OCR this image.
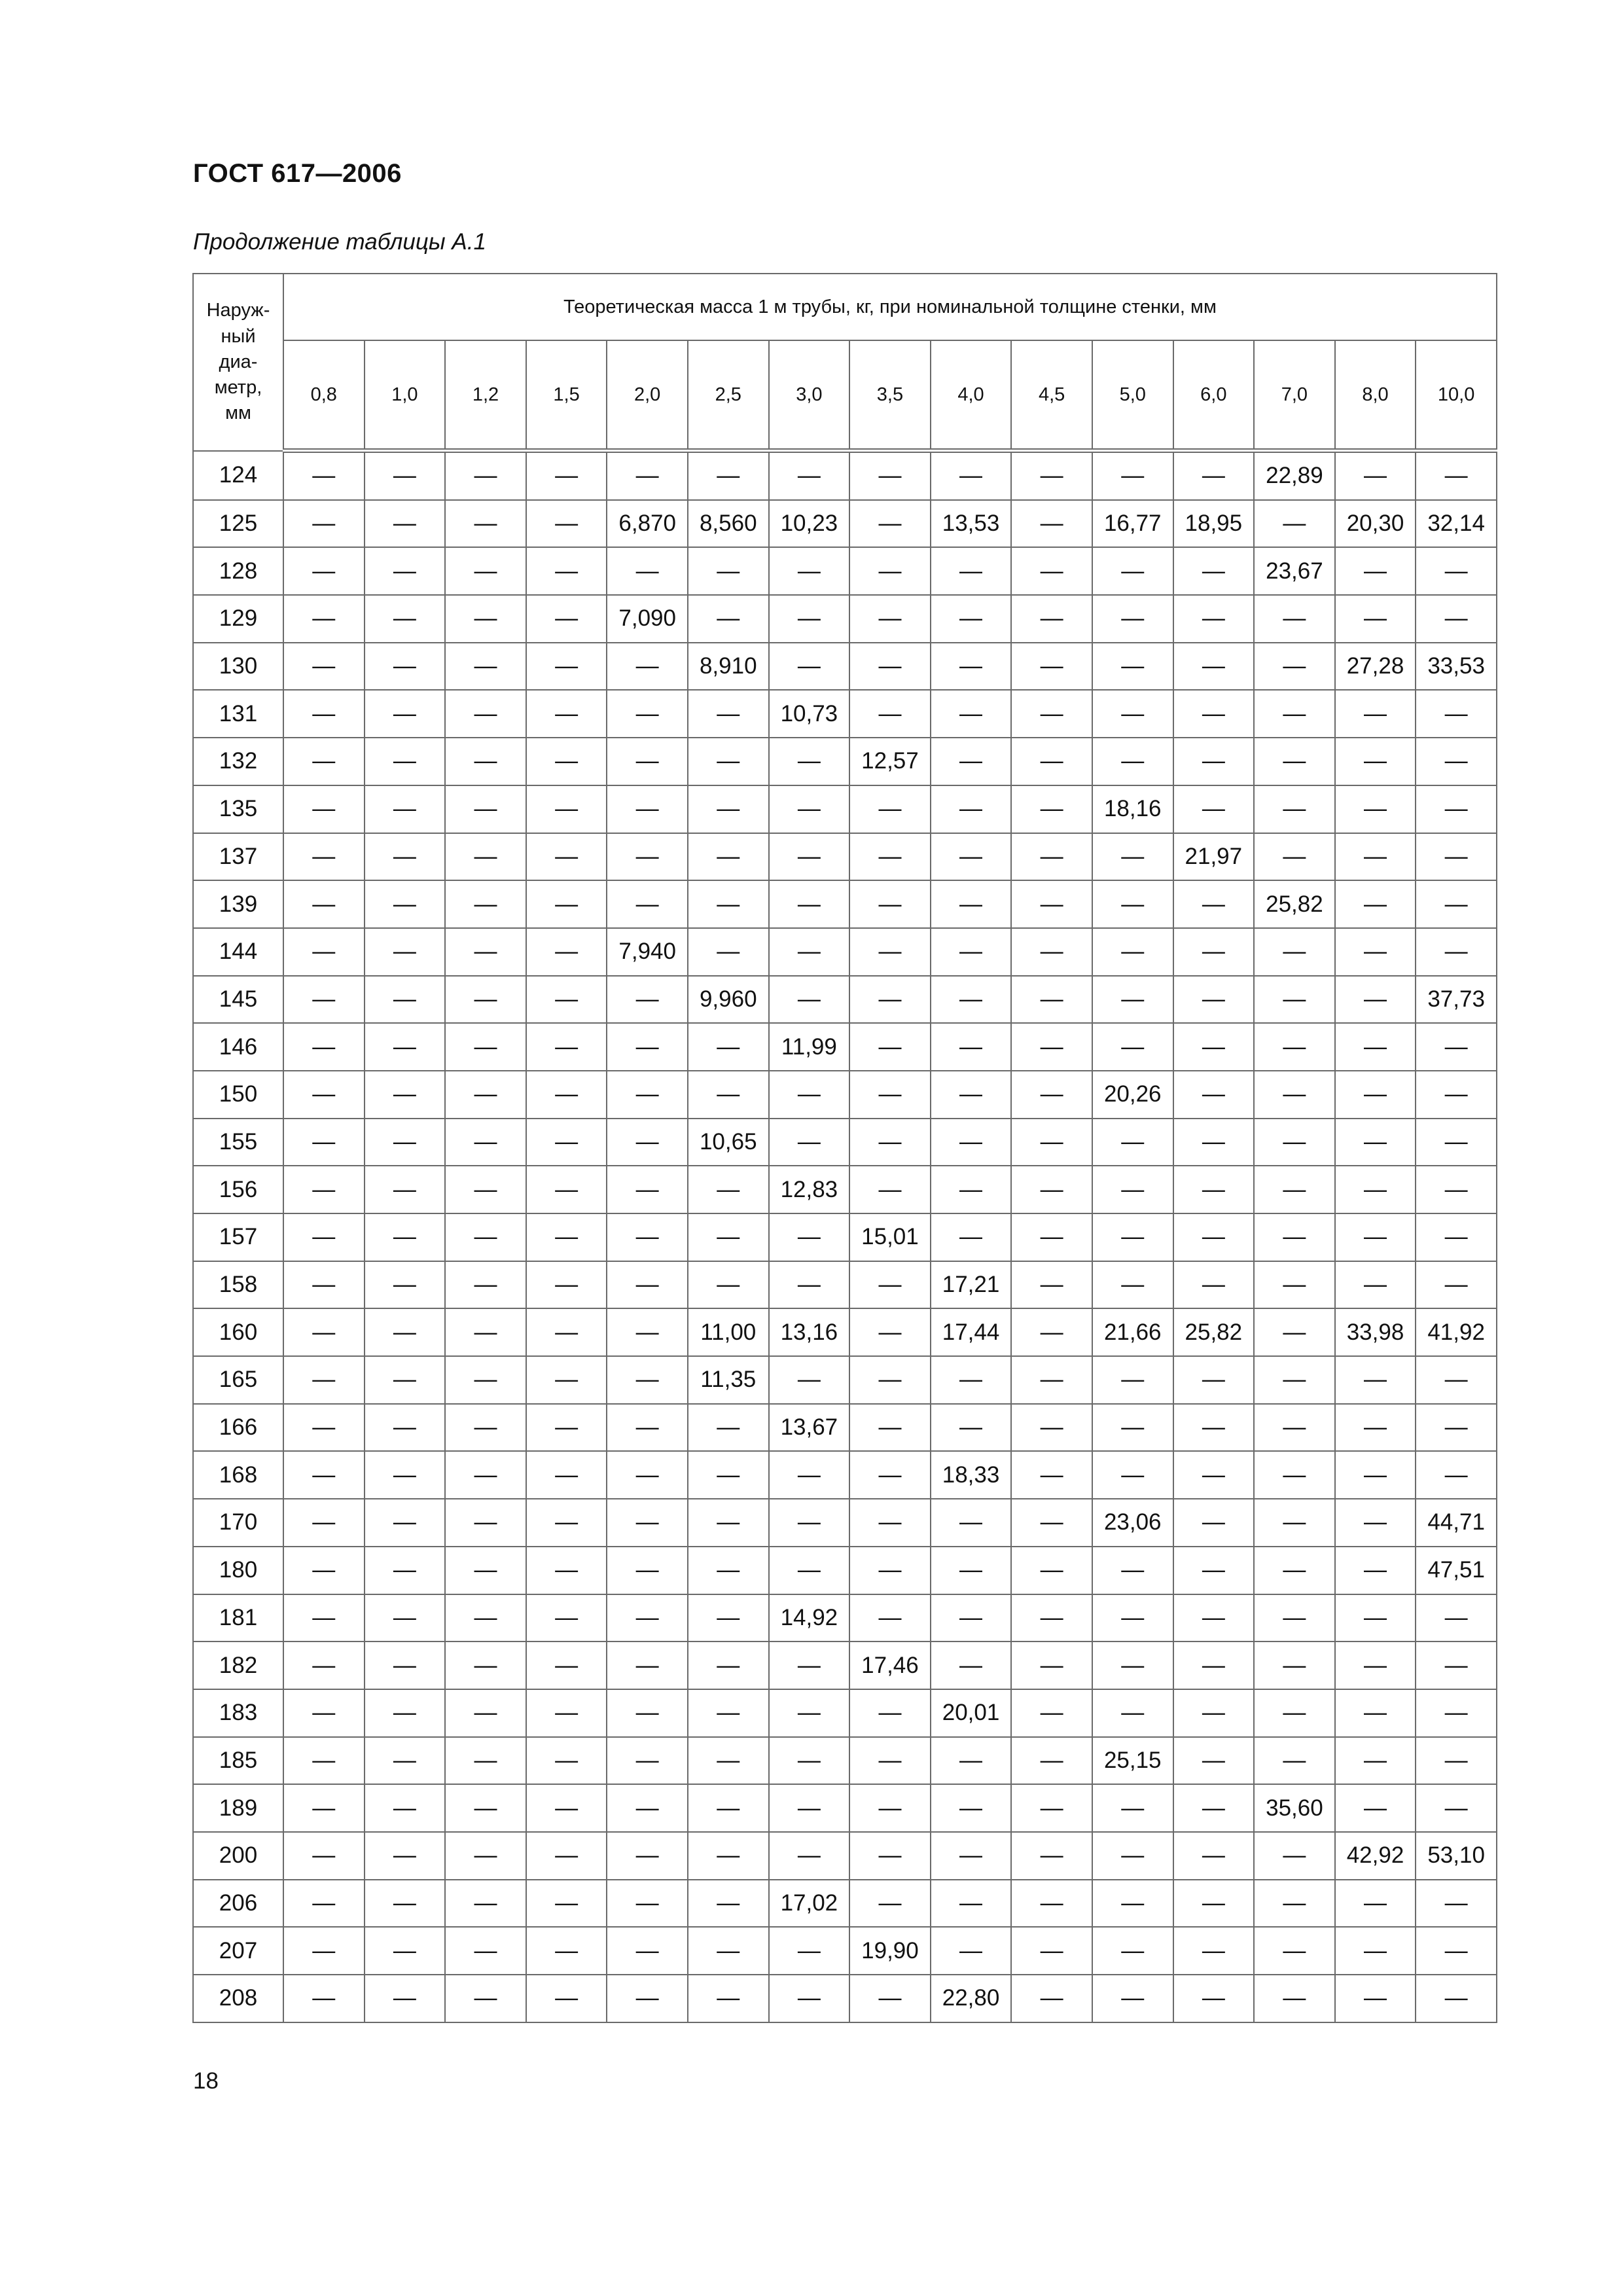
ГОСТ 617—2006
Продолжение таблицы А.1
Наруж-
ный
диа-
метр,
мм	Теоретическая масса 1 м трубы, кг, при номинальной толщине стенки, мм														
	0,8	1,0	1,2	1,5	2,0	2,5	3,0	3,5	4,0	4,5	5,0	6,0	7,0	8,0	10,0
124	—	—	—	—	—	—	—	—	—	—	—	—	22,89	—	—
125	—	—	—	—	6,870	8,560	10,23	—	13,53	—	16,77	18,95	—	20,30	32,14
128	—	—	—	—	—	—	—	—	—	—	—	—	23,67	—	—
129	—	—	—	—	7,090	—	—	—	—	—	—	—	—	—	—
130	—	—	—	—	—	8,910	—	—	—	—	—	—	—	27,28	33,53
131	—	—	—	—	—	—	10,73	—	—	—	—	—	—	—	—
132	—	—	—	—	—	—	—	12,57	—	—	—	—	—	—	—
135	—	—	—	—	—	—	—	—	—	—	18,16	—	—	—	—
137	—	—	—	—	—	—	—	—	—	—	—	21,97	—	—	—
139	—	—	—	—	—	—	—	—	—	—	—	—	25,82	—	—
144	—	—	—	—	7,940	—	—	—	—	—	—	—	—	—	—
145	—	—	—	—	—	9,960	—	—	—	—	—	—	—	—	37,73
146	—	—	—	—	—	—	11,99	—	—	—	—	—	—	—	—
150	—	—	—	—	—	—	—	—	—	—	20,26	—	—	—	—
155	—	—	—	—	—	10,65	—	—	—	—	—	—	—	—	—
156	—	—	—	—	—	—	12,83	—	—	—	—	—	—	—	—
157	—	—	—	—	—	—	—	15,01	—	—	—	—	—	—	—
158	—	—	—	—	—	—	—	—	17,21	—	—	—	—	—	—
160	—	—	—	—	—	11,00	13,16	—	17,44	—	21,66	25,82	—	33,98	41,92
165	—	—	—	—	—	11,35	—	—	—	—	—	—	—	—	—
166	—	—	—	—	—	—	13,67	—	—	—	—	—	—	—	—
168	—	—	—	—	—	—	—	—	18,33	—	—	—	—	—	—
170	—	—	—	—	—	—	—	—	—	—	23,06	—	—	—	44,71
180	—	—	—	—	—	—	—	—	—	—	—	—	—	—	47,51
181	—	—	—	—	—	—	14,92	—	—	—	—	—	—	—	—
182	—	—	—	—	—	—	—	17,46	—	—	—	—	—	—	—
183	—	—	—	—	—	—	—	—	20,01	—	—	—	—	—	—
185	—	—	—	—	—	—	—	—	—	—	25,15	—	—	—	—
189	—	—	—	—	—	—	—	—	—	—	—	—	35,60	—	—
200	—	—	—	—	—	—	—	—	—	—	—	—	—	42,92	53,10
206	—	—	—	—	—	—	17,02	—	—	—	—	—	—	—	—
207	—	—	—	—	—	—	—	19,90	—	—	—	—	—	—	—
208	—	—	—	—	—	—	—	—	22,80	—	—	—	—	—	—
18
